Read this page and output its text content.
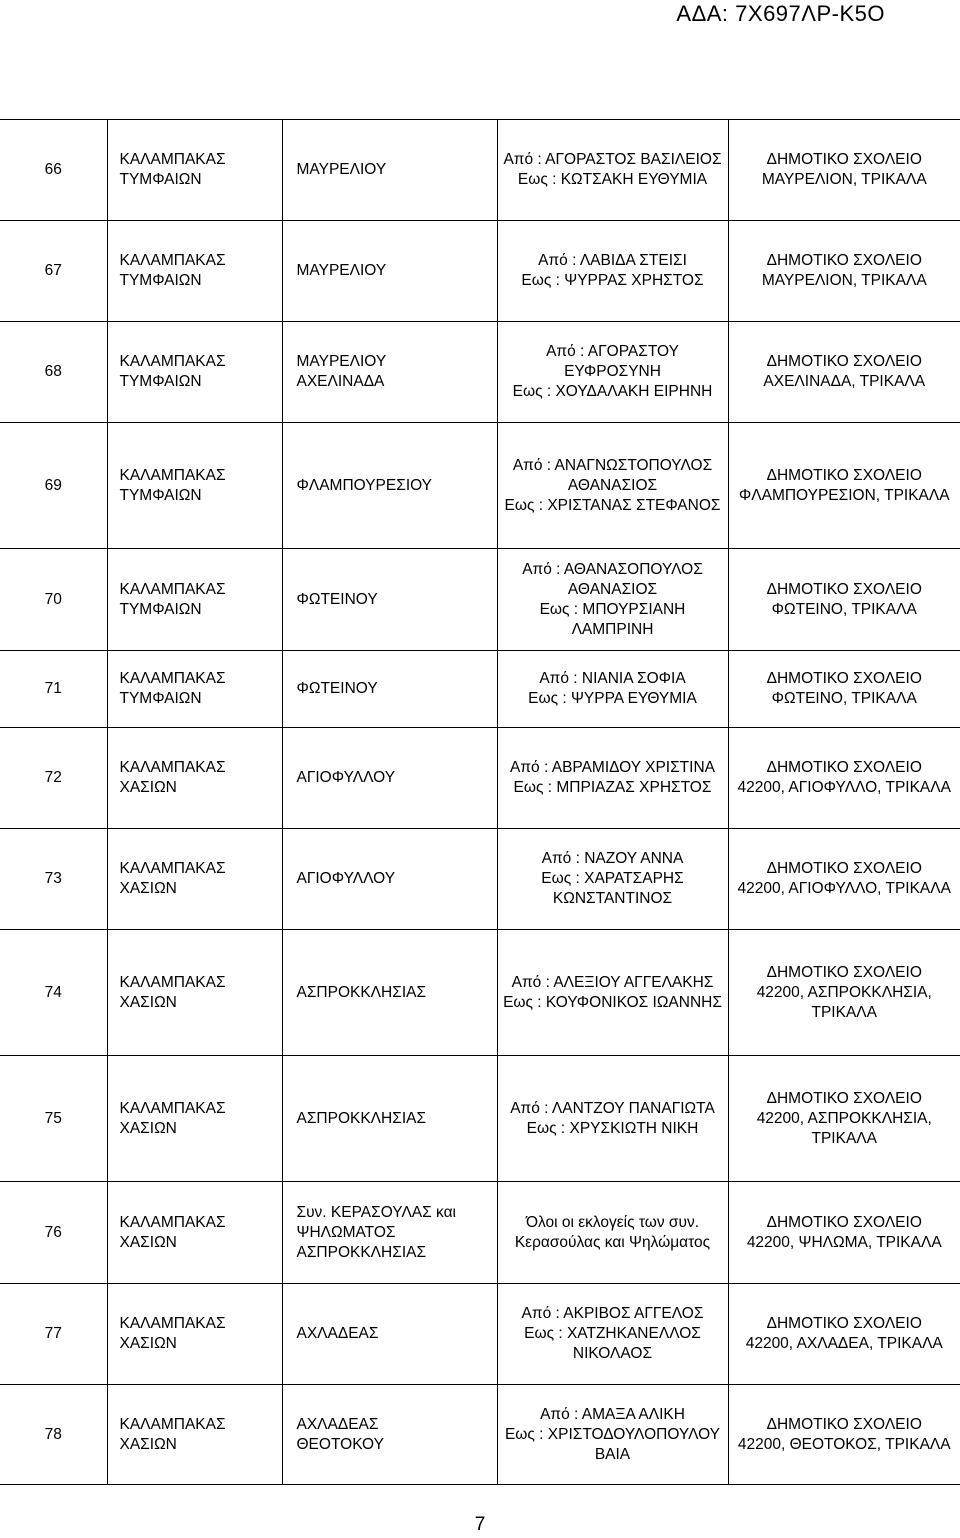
ΑΔΑ: 7Χ697ΛΡ-Κ5Ο
66	ΚΑΛΑΜΠΑΚΑΣ
ΤΥΜΦΑΙΩΝ	ΜΑΥΡΕΛΙΟΥ	Από : ΑΓΟΡΑΣΤΟΣ ΒΑΣΙΛΕΙΟΣ
Εως : ΚΩΤΣΑΚΗ ΕΥΘΥΜΙΑ	ΔΗΜΟΤΙΚΟ ΣΧΟΛΕΙΟ
ΜΑΥΡΕΛΙΟΝ, ΤΡΙΚΑΛΑ

67	ΚΑΛΑΜΠΑΚΑΣ
ΤΥΜΦΑΙΩΝ	ΜΑΥΡΕΛΙΟΥ	Από : ΛΑΒΙΔΑ ΣΤΕΙΣΙ
Εως : ΨΥΡΡΑΣ ΧΡΗΣΤΟΣ	ΔΗΜΟΤΙΚΟ ΣΧΟΛΕΙΟ
ΜΑΥΡΕΛΙΟΝ, ΤΡΙΚΑΛΑ

68	ΚΑΛΑΜΠΑΚΑΣ
ΤΥΜΦΑΙΩΝ	ΜΑΥΡΕΛΙΟΥ
ΑΧΕΛΙΝΑΔΑ	Από : ΑΓΟΡΑΣΤΟΥ
ΕΥΦΡΟΣΥΝΗ
Εως : ΧΟΥΔΑΛΑΚΗ ΕΙΡΗΝΗ	ΔΗΜΟΤΙΚΟ ΣΧΟΛΕΙΟ
ΑΧΕΛΙΝΑΔΑ, ΤΡΙΚΑΛΑ

69	ΚΑΛΑΜΠΑΚΑΣ
ΤΥΜΦΑΙΩΝ	ΦΛΑΜΠΟΥΡΕΣΙΟΥ	Από : ΑΝΑΓΝΩΣΤΟΠΟΥΛΟΣ
ΑΘΑΝΑΣΙΟΣ
Εως : ΧΡΙΣΤΑΝΑΣ ΣΤΕΦΑΝΟΣ	ΔΗΜΟΤΙΚΟ ΣΧΟΛΕΙΟ
ΦΛΑΜΠΟΥΡΕΣΙΟΝ, ΤΡΙΚΑΛΑ

70	ΚΑΛΑΜΠΑΚΑΣ
ΤΥΜΦΑΙΩΝ	ΦΩΤΕΙΝΟΥ	Από : ΑΘΑΝΑΣΟΠΟΥΛΟΣ
ΑΘΑΝΑΣΙΟΣ
Εως : ΜΠΟΥΡΣΙΑΝΗ
ΛΑΜΠΡΙΝΗ	ΔΗΜΟΤΙΚΟ ΣΧΟΛΕΙΟ
ΦΩΤΕΙΝΟ, ΤΡΙΚΑΛΑ

71	ΚΑΛΑΜΠΑΚΑΣ
ΤΥΜΦΑΙΩΝ	ΦΩΤΕΙΝΟΥ	Από : ΝΙΑΝΙΑ ΣΟΦΙΑ
Εως : ΨΥΡΡΑ ΕΥΘΥΜΙΑ	ΔΗΜΟΤΙΚΟ ΣΧΟΛΕΙΟ
ΦΩΤΕΙΝΟ, ΤΡΙΚΑΛΑ

72	ΚΑΛΑΜΠΑΚΑΣ
ΧΑΣΙΩΝ	ΑΓΙΟΦΥΛΛΟΥ	Από : ΑΒΡΑΜΙΔΟΥ ΧΡΙΣΤΙΝΑ
Εως : ΜΠΡΙΑΖΑΣ ΧΡΗΣΤΟΣ	ΔΗΜΟΤΙΚΟ ΣΧΟΛΕΙΟ
42200, ΑΓΙΟΦΥΛΛΟ, ΤΡΙΚΑΛΑ

73	ΚΑΛΑΜΠΑΚΑΣ
ΧΑΣΙΩΝ	ΑΓΙΟΦΥΛΛΟΥ	Από : ΝΑΖΟΥ ΑΝΝΑ
Εως : ΧΑΡΑΤΣΑΡΗΣ
ΚΩΝΣΤΑΝΤΙΝΟΣ	ΔΗΜΟΤΙΚΟ ΣΧΟΛΕΙΟ
42200, ΑΓΙΟΦΥΛΛΟ, ΤΡΙΚΑΛΑ

74	ΚΑΛΑΜΠΑΚΑΣ
ΧΑΣΙΩΝ	ΑΣΠΡΟΚΚΛΗΣΙΑΣ	Από : ΑΛΕΞΙΟΥ ΑΓΓΕΛΑΚΗΣ
Εως : ΚΟΥΦΟΝΙΚΟΣ ΙΩΑΝΝΗΣ	ΔΗΜΟΤΙΚΟ ΣΧΟΛΕΙΟ
42200, ΑΣΠΡΟΚΚΛΗΣΙΑ,
ΤΡΙΚΑΛΑ

75	ΚΑΛΑΜΠΑΚΑΣ
ΧΑΣΙΩΝ	ΑΣΠΡΟΚΚΛΗΣΙΑΣ	Από : ΛΑΝΤΖΟΥ ΠΑΝΑΓΙΩΤΑ
Εως : ΧΡΥΣΚΙΩΤΗ ΝΙΚΗ	ΔΗΜΟΤΙΚΟ ΣΧΟΛΕΙΟ
42200, ΑΣΠΡΟΚΚΛΗΣΙΑ,
ΤΡΙΚΑΛΑ

76	ΚΑΛΑΜΠΑΚΑΣ
ΧΑΣΙΩΝ	Συν. ΚΕΡΑΣΟΥΛΑΣ και
ΨΗΛΩΜΑΤΟΣ
ΑΣΠΡΟΚΚΛΗΣΙΑΣ	Όλοι οι εκλογείς των συν.
Κερασούλας και Ψηλώματος	ΔΗΜΟΤΙΚΟ ΣΧΟΛΕΙΟ
42200, ΨΗΛΩΜΑ, ΤΡΙΚΑΛΑ

77	ΚΑΛΑΜΠΑΚΑΣ
ΧΑΣΙΩΝ	ΑΧΛΑΔΕΑΣ	Από : ΑΚΡΙΒΟΣ ΑΓΓΕΛΟΣ
Εως : ΧΑΤΖΗΚΑΝΕΛΛΟΣ
ΝΙΚΟΛΑΟΣ	ΔΗΜΟΤΙΚΟ ΣΧΟΛΕΙΟ
42200, ΑΧΛΑΔΕΑ, ΤΡΙΚΑΛΑ

78	ΚΑΛΑΜΠΑΚΑΣ
ΧΑΣΙΩΝ	ΑΧΛΑΔΕΑΣ
ΘΕΟΤΟΚΟΥ	Από : ΑΜΑΞΑ ΑΛΙΚΗ
Εως : ΧΡΙΣΤΟΔΟΥΛΟΠΟΥΛΟΥ
ΒΑΙΑ	ΔΗΜΟΤΙΚΟ ΣΧΟΛΕΙΟ
42200, ΘΕΟΤΟΚΟΣ, ΤΡΙΚΑΛΑ
7
